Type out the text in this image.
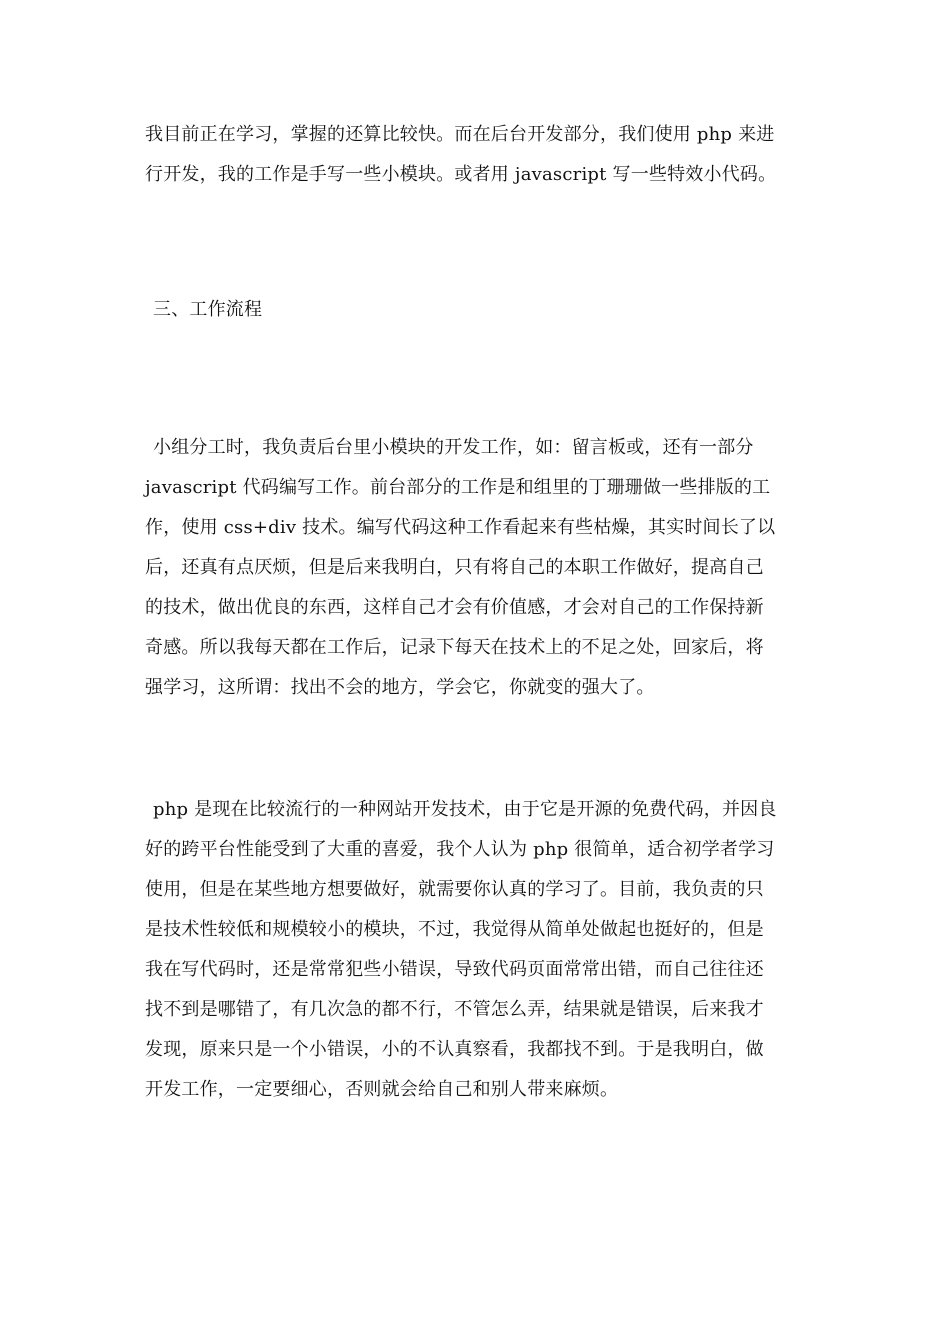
我目前正在学习，掌握的还算比较快。而在后台开发部分，我们使用 php 来进
行开发，我的工作是手写一些小模块。或者用 javascript 写一些特效小代码。
三、工作流程
小组分工时，我负责后台里小模块的开发工作，如：留言板或，还有一部分
javascript 代码编写工作。前台部分的工作是和组里的丁珊珊做一些排版的工
作，使用 css+div 技术。编写代码这种工作看起来有些枯燥，其实时间长了以
后，还真有点厌烦，但是后来我明白，只有将自己的本职工作做好，提高自己
的技术，做出优良的东西，这样自己才会有价值感，才会对自己的工作保持新
奇感。所以我每天都在工作后，记录下每天在技术上的不足之处，回家后，将
强学习，这所谓：找出不会的地方，学会它，你就变的强大了。
php 是现在比较流行的一种网站开发技术，由于它是开源的免费代码，并因良
好的跨平台性能受到了大重的喜爱，我个人认为 php 很简单，适合初学者学习
使用，但是在某些地方想要做好，就需要你认真的学习了。目前，我负责的只
是技术性较低和规模较小的模块，不过，我觉得从简单处做起也挺好的，但是
我在写代码时，还是常常犯些小错误，导致代码页面常常出错，而自己往往还
找不到是哪错了，有几次急的都不行，不管怎么弄，结果就是错误，后来我才
发现，原来只是一个小错误，小的不认真察看，我都找不到。于是我明白，做
开发工作，一定要细心，否则就会给自己和别人带来麻烦。
